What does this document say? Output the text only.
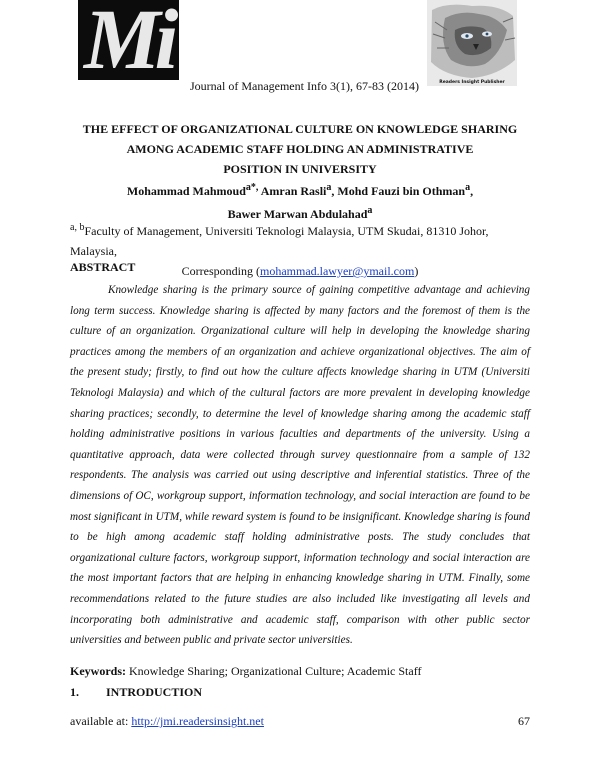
Mi	Readers Insight Publisher
Journal of Management Info 3(1), 67-83 (2014)
THE EFFECT OF ORGANIZATIONAL CULTURE ON KNOWLEDGE SHARING
AMONG ACADEMIC STAFF HOLDING AN ADMINISTRATIVE
POSITION IN UNIVERSITY
Mohammad Mahmoud$^{a*,}$ Amran Rasli$^a$, Mohd Fauzi bin Othman$^a$,
Bawer Marwan Abdulahad$^a$
$^{a, b}$Faculty of Management, Universiti Teknologi Malaysia, UTM Skudai, 81310 Johor, Malaysia,
Corresponding (mohammad.lawyer@ymail.com)
ABSTRACT

Knowledge sharing is the primary source of gaining competitive advantage and achieving long term success. Knowledge sharing is affected by many factors and the foremost of them is the culture of an organization. Organizational culture will help in developing the knowledge sharing practices among the members of an organization and achieve organizational objectives. The aim of the present study; firstly, to find out how the culture affects knowledge sharing in UTM (Universiti Teknologi Malaysia) and which of the cultural factors are more prevalent in developing knowledge sharing practices; secondly, to determine the level of knowledge sharing among the academic staff holding administrative positions in various faculties and departments of the university. Using a quantitative approach, data were collected through survey questionnaire from a sample of 132 respondents. The analysis was carried out using descriptive and inferential statistics. Three of the dimensions of OC, workgroup support, information technology, and social interaction are found to be most significant in UTM, while reward system is found to be insignificant. Knowledge sharing is found to be high among academic staff holding administrative posts. The study concludes that organizational culture factors, workgroup support, information technology and social interaction are the most important factors that are helping in enhancing knowledge sharing in UTM. Finally, some recommendations related to the future studies are also included like investigating all levels and incorporating both administrative and academic staff, comparison with other public sector universities and between public and private sector universities.

Keywords: Knowledge Sharing; Organizational Culture; Academic Staff
1. INTRODUCTION
available at: http://jmi.readersinsight.net	67
